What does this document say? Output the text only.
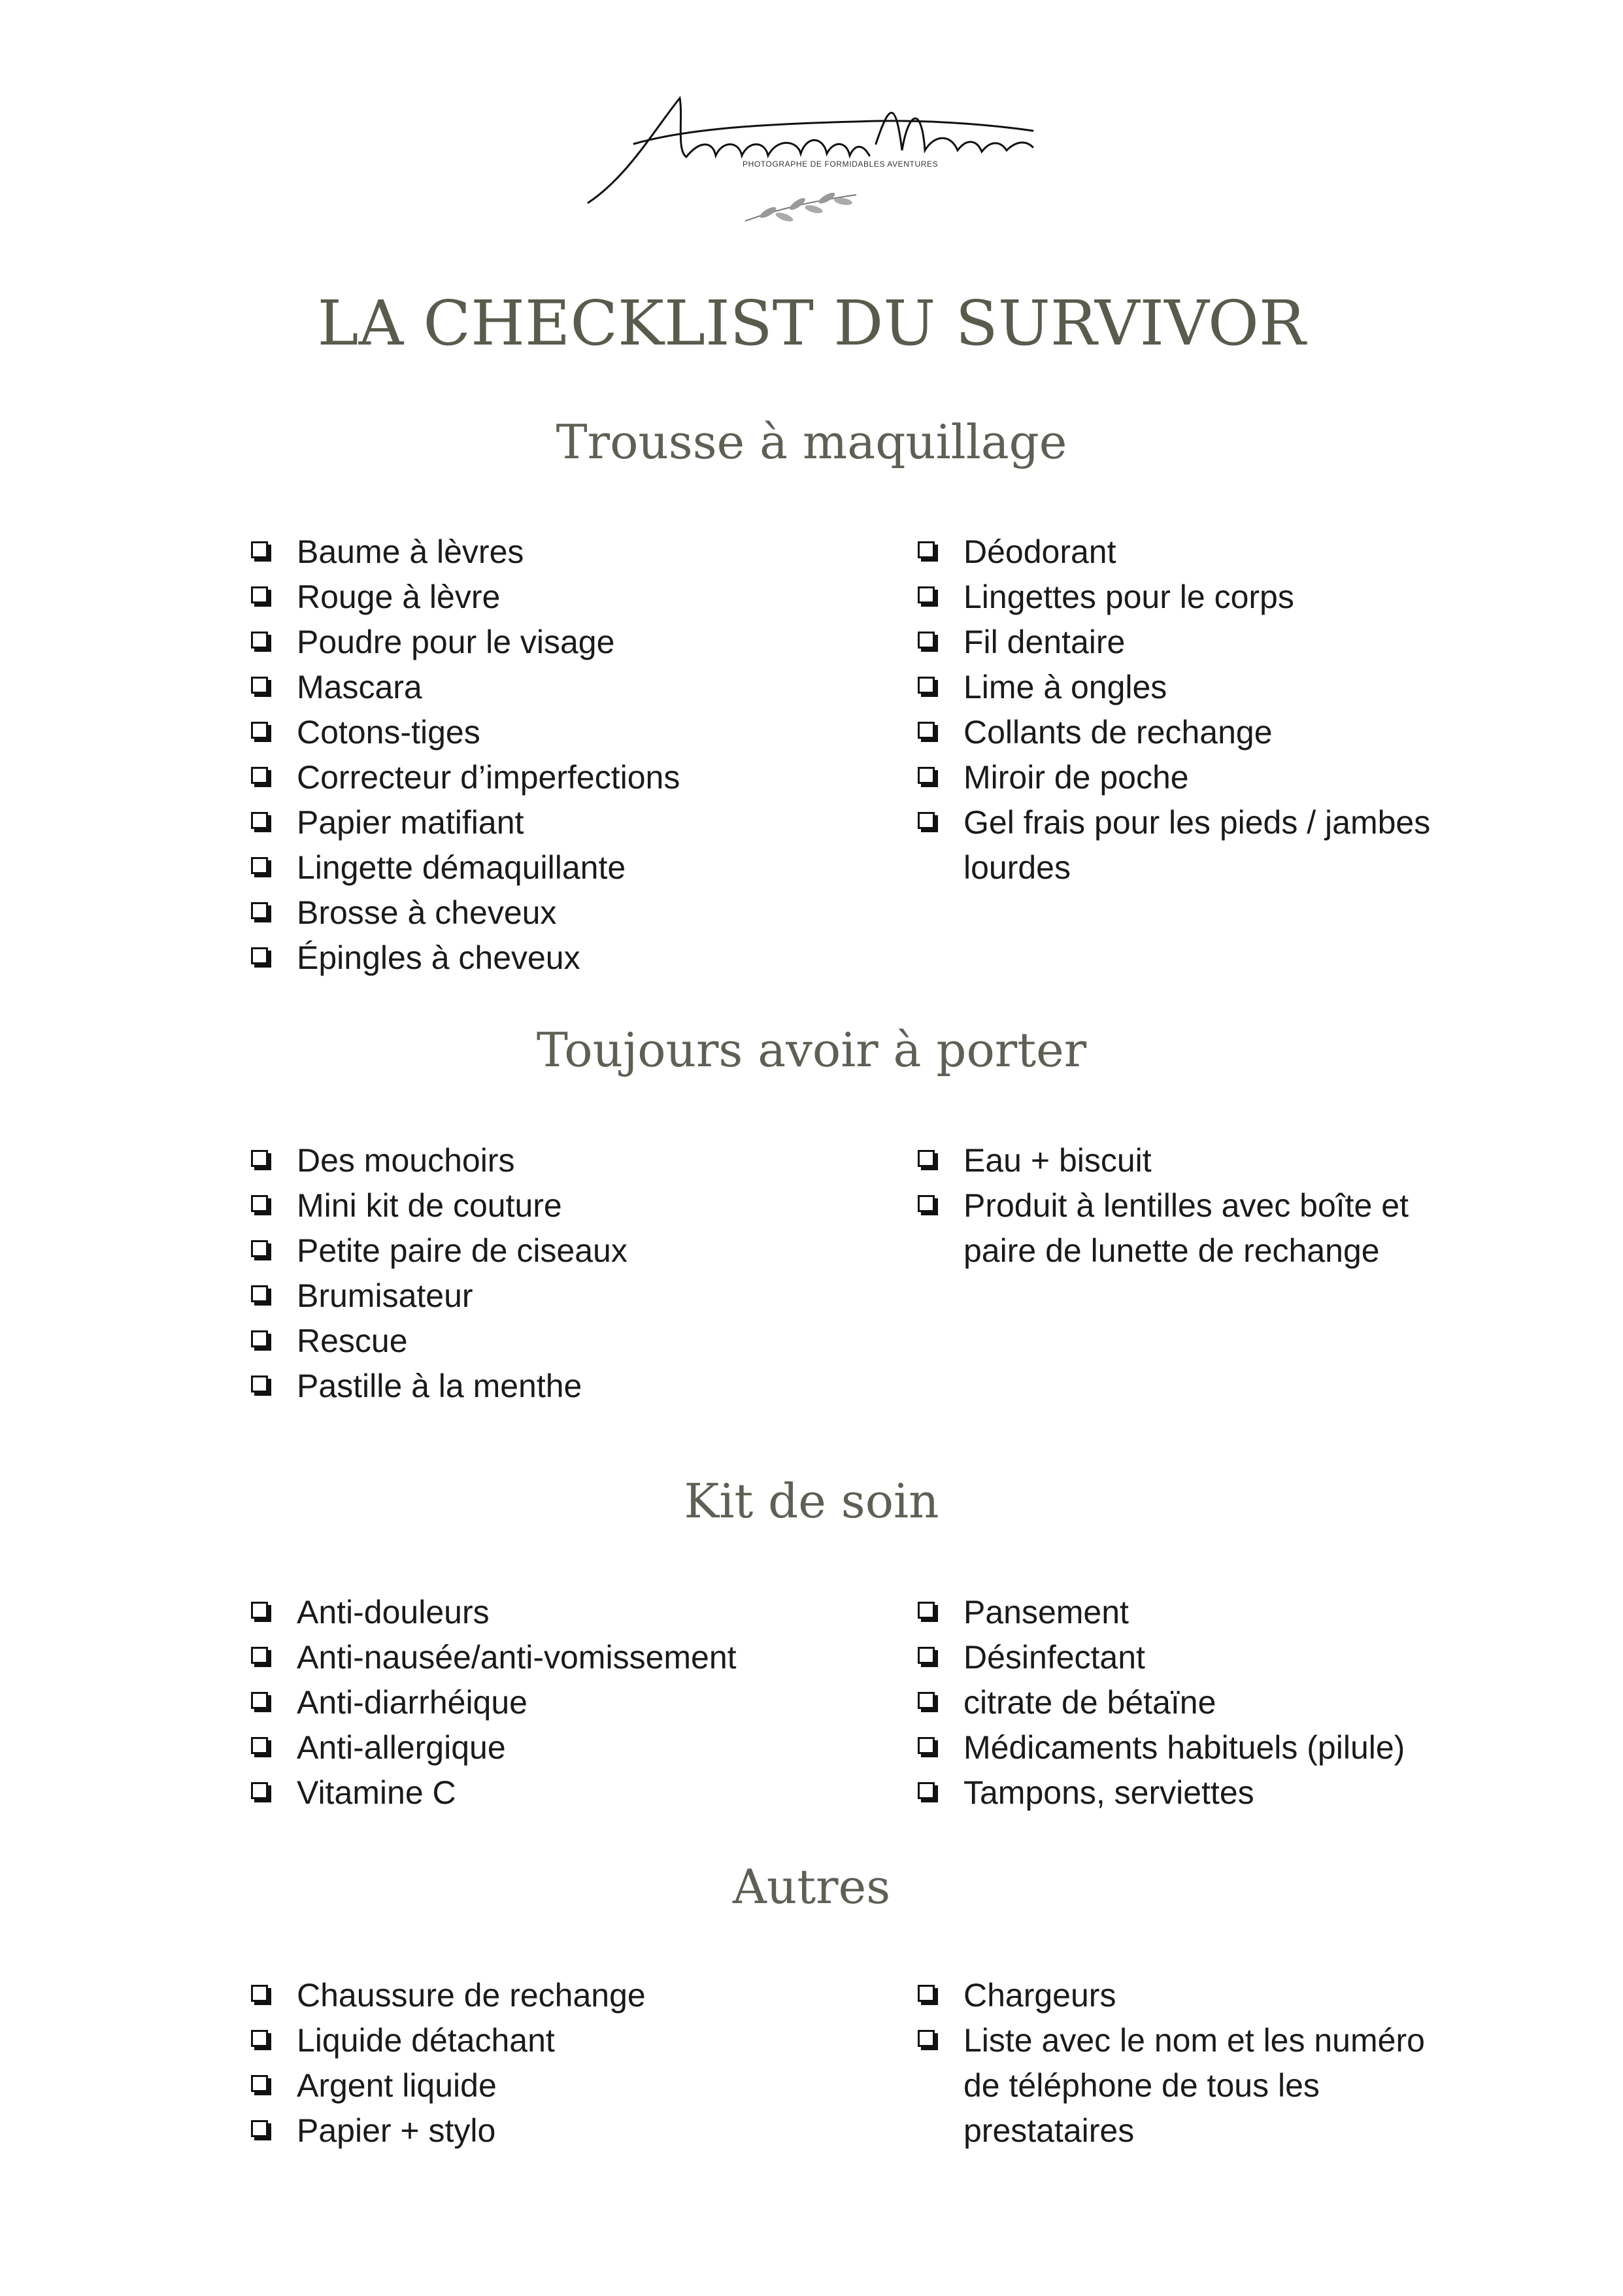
PHOTOGRAPHE DE FORMIDABLES AVENTURES
LA CHECKLIST DU SURVIVOR
Trousse à maquillage
Baume à lèvres
Rouge à lèvre
Poudre pour le visage
Mascara
Cotons-tiges
Correcteur d’imperfections
Papier matifiant
Lingette démaquillante
Brosse à cheveux
Épingles à cheveux
Déodorant
Lingettes pour le corps
Fil dentaire
Lime à ongles
Collants de rechange
Miroir de poche
Gel frais pour les pieds / jambes lourdes
Toujours avoir à porter
Des mouchoirs
Mini kit de couture
Petite paire de ciseaux
Brumisateur
Rescue
Pastille à la menthe
Eau + biscuit
Produit à lentilles avec boîte et paire de lunette de rechange
Kit de soin
Anti-douleurs
Anti-nausée/anti-vomissement
Anti-diarrhéique
Anti-allergique
Vitamine C
Pansement
Désinfectant
citrate de bétaïne
Médicaments habituels (pilule)
Tampons, serviettes
Autres
Chaussure de rechange
Liquide détachant
Argent liquide
Papier + stylo
Chargeurs
Liste avec le nom et les numéro de téléphone de tous les prestataires
